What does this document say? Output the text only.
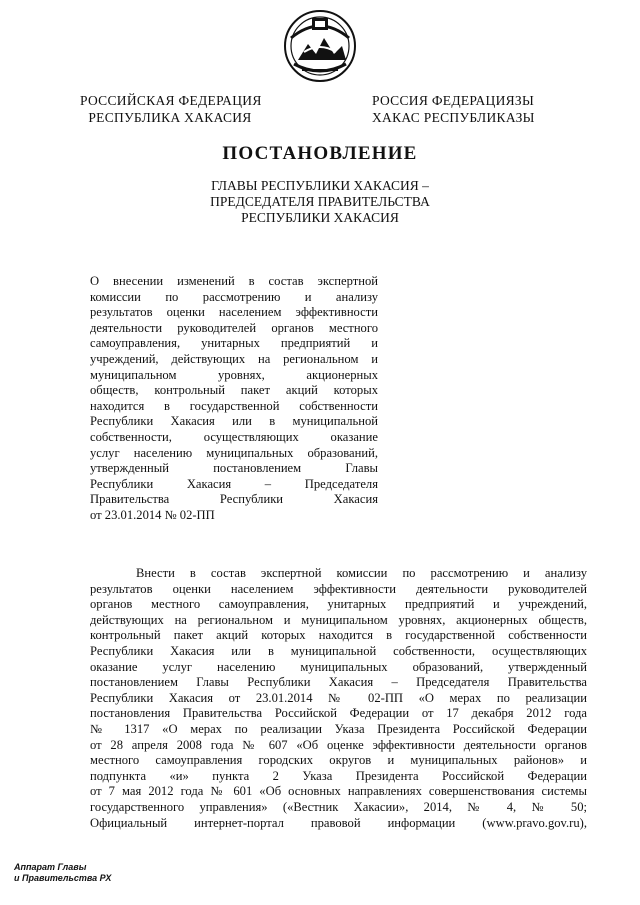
РОССИЙСКАЯ ФЕДЕРАЦИЯ
РЕСПУБЛИКА ХАКАСИЯ
РОССИЯ ФЕДЕРАЦИЯЗЫ
ХАКАС РЕСПУБЛИКАЗЫ
ПОСТАНОВЛЕНИЕ
ГЛАВЫ РЕСПУБЛИКИ ХАКАСИЯ –
ПРЕДСЕДАТЕЛЯ ПРАВИТЕЛЬСТВА
РЕСПУБЛИКИ ХАКАСИЯ
О внесении изменений в состав экспертной
комиссии по рассмотрению и анализу
результатов оценки населением эффективности
деятельности руководителей органов местного
самоуправления, унитарных предприятий и
учреждений, действующих на региональном и
муниципальном уровнях, акционерных
обществ, контрольный пакет акций которых
находится в государственной собственности
Республики Хакасия или в муниципальной
собственности, осуществляющих оказание
услуг населению муниципальных образований,
утвержденный постановлением Главы
Республики Хакасия – Председателя
Правительства Республики Хакасия
от 23.01.2014 № 02-ПП
Внести в состав экспертной комиссии по рассмотрению и анализу
результатов оценки населением эффективности деятельности руководителей
органов местного самоуправления, унитарных предприятий и учреждений,
действующих на региональном и муниципальном уровнях, акционерных обществ,
контрольный пакет акций которых находится в государственной собственности
Республики Хакасия или в муниципальной собственности, осуществляющих
оказание услуг населению муниципальных образований, утвержденный
постановлением Главы Республики Хакасия – Председателя Правительства
Республики Хакасия от 23.01.2014 № 02-ПП «О мерах по реализации
постановления Правительства Российской Федерации от 17 декабря 2012 года
№ 1317 «О мерах по реализации Указа Президента Российской Федерации
от 28 апреля 2008 года № 607 «Об оценке эффективности деятельности органов
местного самоуправления городских округов и муниципальных районов» и
подпункта «и» пункта 2 Указа Президента Российской Федерации
от 7 мая 2012 года № 601 «Об основных направлениях совершенствования системы
государственного управления» («Вестник Хакасии», 2014, № 4, № 50;
Официальный интернет-портал правовой информации (www.pravo.gov.ru),
Аппарат Главы
и Правительства РХ
